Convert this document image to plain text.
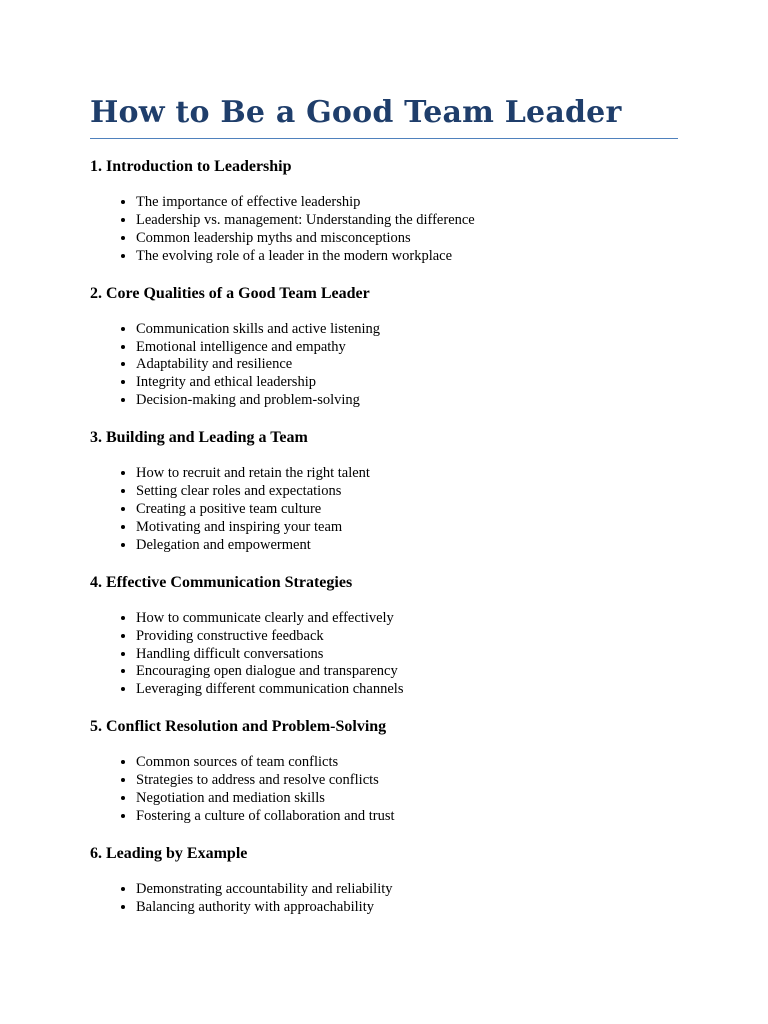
How to Be a Good Team Leader
1. Introduction to Leadership
• The importance of effective leadership
• Leadership vs. management: Understanding the difference
• Common leadership myths and misconceptions
• The evolving role of a leader in the modern workplace
2. Core Qualities of a Good Team Leader
• Communication skills and active listening
• Emotional intelligence and empathy
• Adaptability and resilience
• Integrity and ethical leadership
• Decision-making and problem-solving
3. Building and Leading a Team
• How to recruit and retain the right talent
• Setting clear roles and expectations
• Creating a positive team culture
• Motivating and inspiring your team
• Delegation and empowerment
4. Effective Communication Strategies
• How to communicate clearly and effectively
• Providing constructive feedback
• Handling difficult conversations
• Encouraging open dialogue and transparency
• Leveraging different communication channels
5. Conflict Resolution and Problem-Solving
• Common sources of team conflicts
• Strategies to address and resolve conflicts
• Negotiation and mediation skills
• Fostering a culture of collaboration and trust
6. Leading by Example
• Demonstrating accountability and reliability
• Balancing authority with approachability
